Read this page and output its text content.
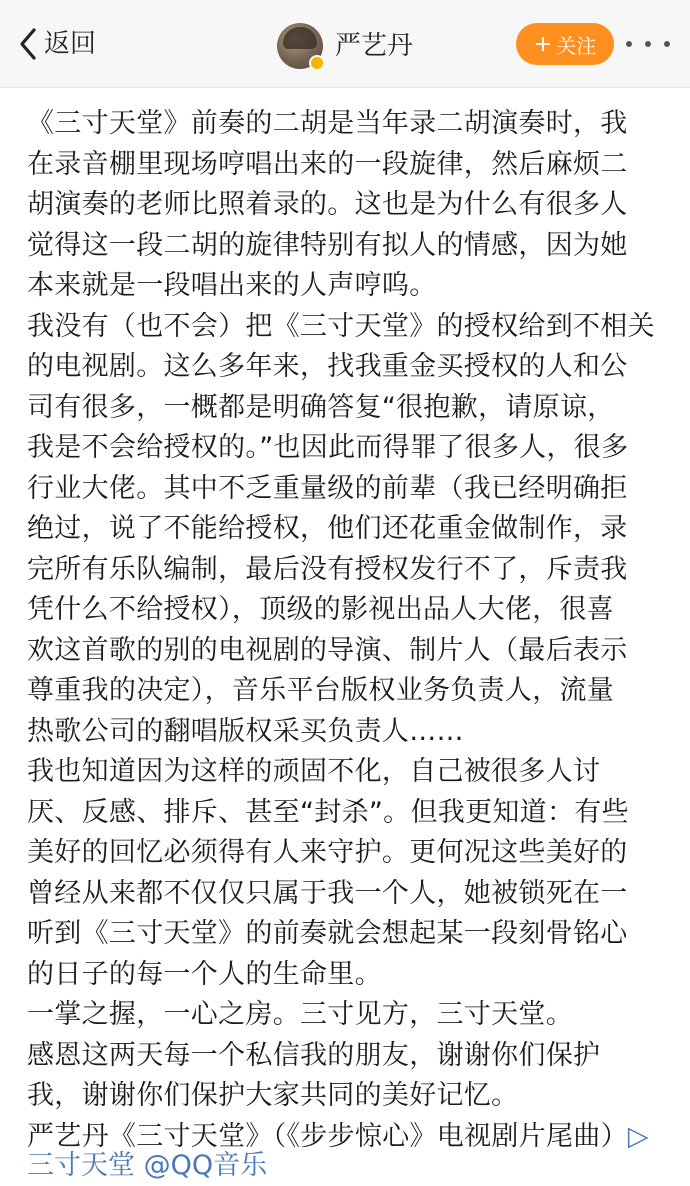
返回	严艺丹	+ 关注

《三寸天堂》前奏的二胡是当年录二胡演奏时，我

在录音棚里现场哼唱出来的一段旋律，然后麻烦二

胡演奏的老师比照着录的。这也是为什么有很多人

觉得这一段二胡的旋律特别有拟人的情感，因为她

本来就是一段唱出来的人声哼呜。

我没有（也不会）把《三寸天堂》的授权给到不相关

的电视剧。这么多年来，找我重金买授权的人和公

司有很多，一概都是明确答复“很抱歉，请原谅，

我是不会给授权的。”也因此而得罪了很多人，很多

行业大佬。其中不乏重量级的前辈（我已经明确拒

绝过，说了不能给授权，他们还花重金做制作，录

完所有乐队编制，最后没有授权发行不了，斥责我

凭什么不给授权），顶级的影视出品人大佬，很喜

欢这首歌的别的电视剧的导演、制片人（最后表示

尊重我的决定），音乐平台版权业务负责人，流量

热歌公司的翻唱版权采买负责人……

我也知道因为这样的顽固不化，自己被很多人讨

厌、反感、排斥、甚至“封杀”。但我更知道：有些

美好的回忆必须得有人来守护。更何况这些美好的

曾经从来都不仅仅只属于我一个人，她被锁死在一

听到《三寸天堂》的前奏就会想起某一段刻骨铭心

的日子的每一个人的生命里。

一掌之握，一心之房。三寸见方，三寸天堂。

感恩这两天每一个私信我的朋友，谢谢你们保护

我，谢谢你们保护大家共同的美好记忆。

严艺丹《三寸天堂》（《步步惊心》电视剧片尾曲）▷

三寸天堂 @QQ音乐
